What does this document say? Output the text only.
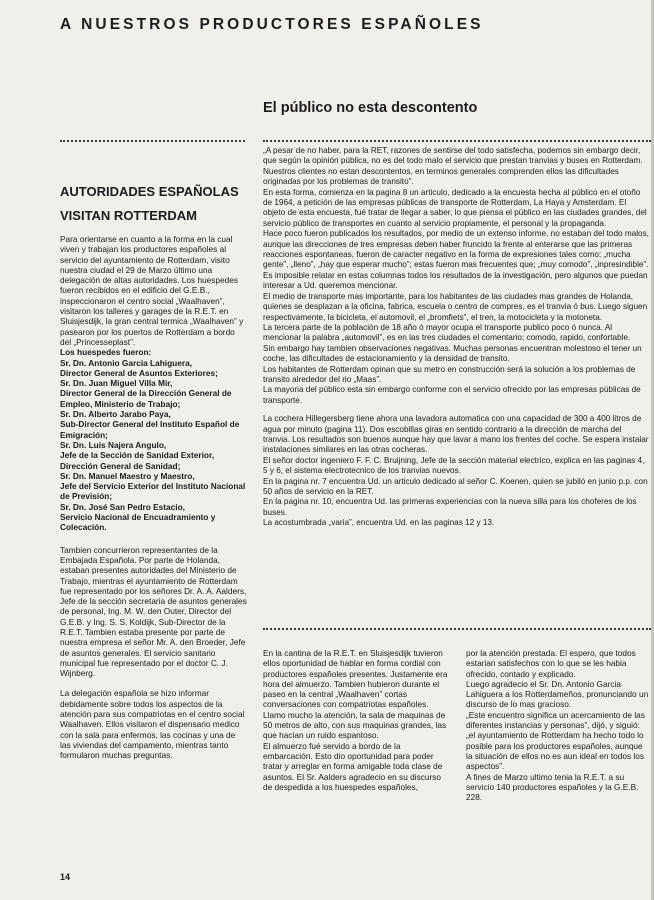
A NUESTROS PRODUCTORES ESPAÑOLES
El público no esta descontento

„A pesar de no haber, para la RET, razones de sentirse del todo satisfecha, podemos sin embargo decir, que según la opinión pública, no es del todo malo el servicio que prestan tranvias y buses en Rotterdam. Nuestros clientes no estan descontentos, en terminos generales comprenden ellos las dificultades originadas por los problemas de transito”.

En esta forma, comienza en la pagina 8 un articulo, dedicado a la encuesta hecha al público en el otoño de 1964, a petición de las empresas públicas de transporte de Rotterdam, La Haya y Amsterdam. El objeto de esta encuesta, fué tratar de llegar a saber, lo que piensa el público en las ciudades grandes, del servicio público de transportes en cuanto al servicio propiamente, el personal y la propaganda.

Hace poco fueron publicados los resultados, por medio de un extenso informe, no estaban del todo malos, aunque las direcciones de tres empresas deben haber fruncido la frente al enterarse que las primeras reacciones espontaneas, fueron de caracter negativo en la forma de expresiones tales como; „mucha gente”, „lleno”, „hay que esperar mucho”; estas fueron mas frecuentes que; „muy comodo”, „inpresindible”. Es imposible relatar en estas columnas todos los resultados de la investigación, pero algunos que puedan interesar a Ud. queremos mencionar.

El medio de transporte mas importante, para los habitantes de las ciudades mas grandes de Holanda, quienes se desplazan a la oficina, fabrica, escuela o centro de compres, es el tranvia ó bus. Luego siguen respectivamente, la bicicleta, el automovil, el „bromfiets”, el tren, la motocicleta y la motoneta.

La tercera parte de la población de 18 año ó mayor ocupa el transporte publico poco ó nunca. Al mencionar la palabra „automovil”, es en las tres ciudades el comentario; comodo, rapido, confortable.

Sin embargo hay tambien observaciones negativas. Muchas personas encuentran molestoso el tener un coche, las dificultades de estacionamiento y la densidad de transito.

Los habitantes de Rotterdam opinan que su metro en construcción será la solución a los problemas de transito alrededor del rio „Maas”.

La mayoria del público esta sin embargo conforme con el servicio ofrecido por las empresas públicas de transporte.

La cochera Hillegersberg tiene ahora una lavadora automatica con una capacidad de 300 a 400 litros de agua por minuto (pagina 11). Dos escobillas giras en sentido contrario a la dirección de marcha del tranvia. Los resultados son buenos aunque hay que lavar a mano los frentes del coche. Se espera instalar instalaciones similares en las otras cocheras.

El señor doctor ingeniero F. F. C. Bruijning, Jefe de la sección material electrico, explica en las paginas 4, 5 y 6, el sistema electrotecnico de los tranvias nuevos.

En la pagina nr. 7 encuentra Ud. un articulo dedicado al señor C. Koenen, quien se jubiló en junio p.p. con 50 años de servicio en la RET.

En la pagina nr. 10, encuentra Ud. las primeras experiencias con la nueva silla para los choferes de los buses.

La acostumbrada „varia”, encuentra Ud. en las paginas 12 y 13.

AUTORIDADES ESPAÑOLAS
VISITAN ROTTERDAM

Para orientarse en cuanto a la forma en la cual viven y trabajan los productores españoles al servicio del ayuntamiento de Rotterdam, visito nuestra ciudad el 29 de Marzo último una delegación de altas autoridades. Los huespedes fueron recibidos en el edificio del G.E.B., inspeccionaron el centro social „Waalhaven”, visitaron los talleres y garages de la R.E.T. en Sluisjesdijk, la gran central termica „Waalhaven” y pasearon por los puertos de Rotterdam a bordo del „Princesseplast”.

Los huespedes fueron:

Sr. Dn. Antonio Garcia Lahiguera,

Director General de Asuntos Exteriores;

Sr. Dn. Juan Miguel Villa Mir,

Director General de la Dirección General de Empleo, Ministerio de Trabajo;

Sr. Dn. Alberto Jarabo Paya,

Sub-Director General del Instituto Español de Emigración;

Sr. Dn. Luis Najera Angulo,

Jefe de la Sección de Sanidad Exterior, Dirección General de Sanidad;

Sr. Dn. Manuel Maestro y Maestro,

Jefe del Servicio Exterior del Instituto Nacional de Previsión;

Sr. Dn. José San Pedro Estacio,

Servicio Nacional de Encuadramiento y Colecación.

Tambien concurrieron representantes de la Embajada Española. Por parte de Holanda, estaban presentes autoridades del Ministerio de Trabajo, mientras el ayuntamiento de Rotterdam fue representado por los señores Dr. A. A. Aalders, Jefe de la sección secretaria de asuntos generales de personal, Ing. M. W. den Outer, Director del G.E.B. y Ing. S. S. Koldijk, Sub-Director de la R.E.T. Tambien estaba presente por parte de nuestra empresa el señor Mr. A. den Broeder, Jefe de asuntos generales. El servicio sanitario municipal fue representado por el doctor C. J. Wijnberg.

La delegación española se hizo informar debidamente sobre todos los aspectos de la atención para sus compatriotas en el centro social Waalhaven. Ellos visitaron el dispensario medico con la sala para enfermos, las cocinas y una de las viviendas del campamento, mientras tanto formularon muchas preguntas.

En la cantina de la R.E.T. en Sluisjesdijk tuvieron ellos oportunidad de hablar en forma cordial con productores españoles presentes. Justamente era hora del almuerzo. Tambien hubieron durante el paseo en la central „Waalhaven” cortas conversaciones con compatriotas españoles.

Llamo mucho la atención, la sala de maquinas de 50 metros de alto, con sus maquinas grandes, las que hacian un ruido espantoso.

El almuerzo fué servido a bordo de la embarcación. Esto dio oportunidad para poder tratar y arreglar en forma amigable toda clase de asuntos. El Sr. Aalders agradecio en su discurso de despedida a los huespedes españoles,

por la atención prestada. El espero, que todos estarian satisfechos con lo que se les habia ofrecido, contado y explicado.

Luego agradecio el Sr. Dn. Antonio Garcia Lahiguera a los Rotterdameños, pronunciando un discurso de lo mas gracioso.

„Este encuentro significa un acercamiento de las diferentes instancias y personas”, dijó, y siguió: „el ayuntamiento de Rotterdam ha hecho todo lo posible para los productores españoles, aunque la situación de ellos no es aun ideal en todos los aspectos”.

A fines de Marzo ultimo tenia la R.E.T. a su servicio 140 productores españoles y la G.E.B. 228.

14
